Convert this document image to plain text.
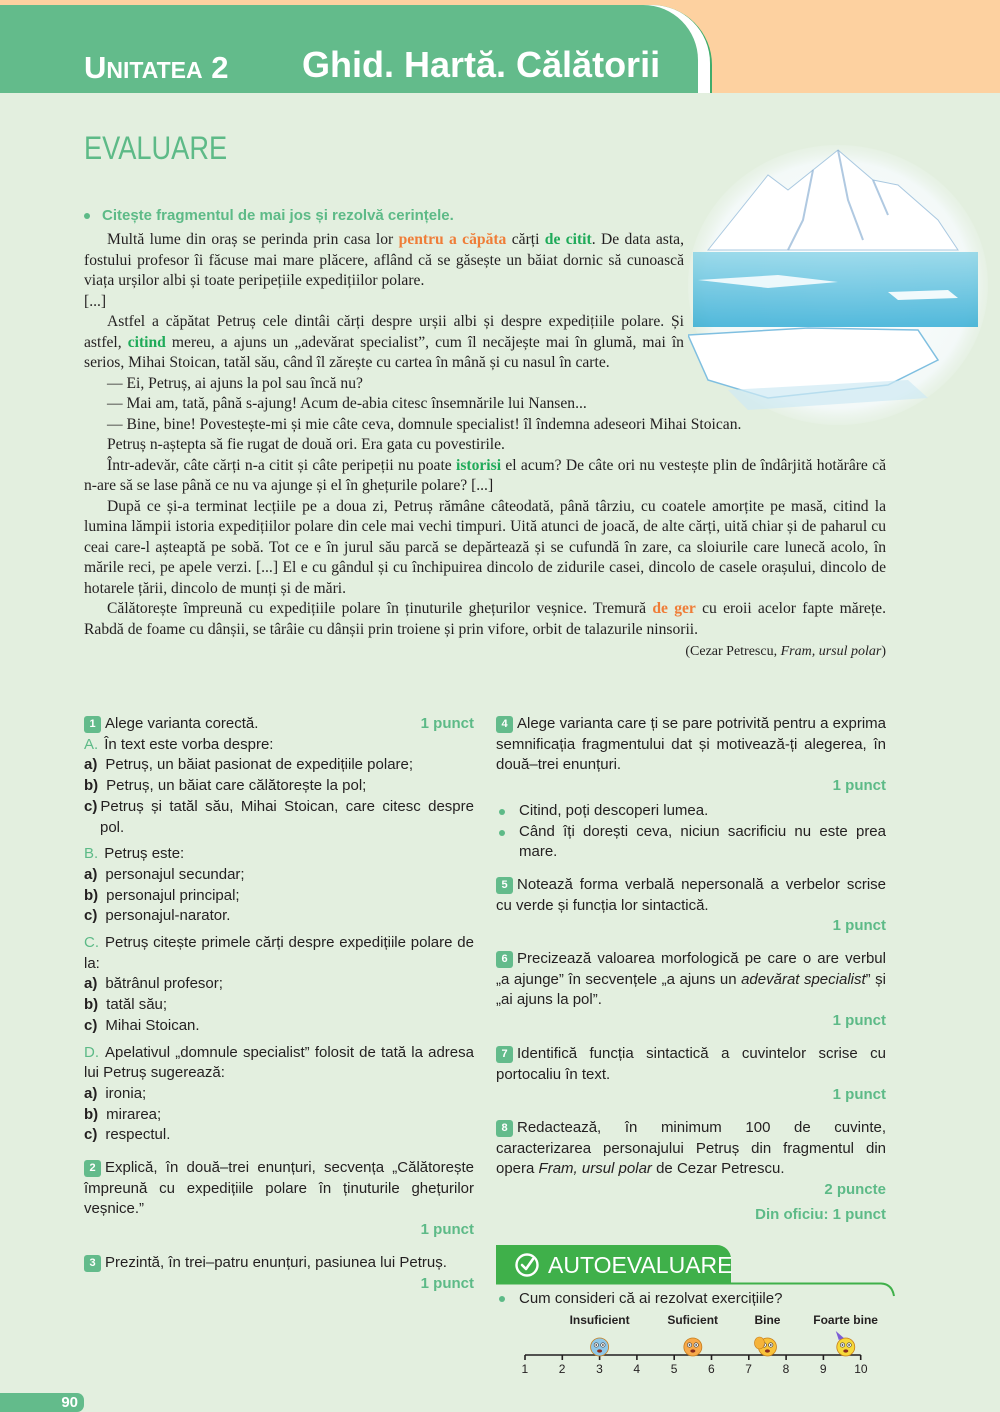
UNITATEA 2 Ghid. Hartă. Călătorii
EVALUARE
Citește fragmentul de mai jos și rezolvă cerințele.

Multă lume din oraș se perinda prin casa lor pentru a căpăta cărți de citit. De data asta, fostului profesor îi făcuse mai mare plăcere, aflând că se găsește un băiat dornic să cunoască viața urșilor albi și toate peripețiile expedițiilor polare.

[...]

Astfel a căpătat Petruș cele dintâi cărți despre urșii albi și despre expedițiile polare. Și astfel, citind mereu, a ajuns un „adevărat specialist”, cum îl necăjește mai în glumă, mai în serios, Mihai Stoican, tatăl său, când îl zărește cu cartea în mână și cu nasul în carte.

— Ei, Petruș, ai ajuns la pol sau încă nu?

— Mai am, tată, până s-ajung! Acum de-abia citesc însemnările lui Nansen...

— Bine, bine! Povestește-mi și mie câte ceva, domnule specialist! îl îndemna adeseori Mihai Stoican.

Petruș n-aștepta să fie rugat de două ori. Era gata cu povestirile.

Într-adevăr, câte cărți n-a citit și câte peripeții nu poate istorisi el acum? De câte ori nu vestește plin de îndârjită hotărâre că n-are să se lase până ce nu va ajunge și el în ghețurile polare? [...]

După ce și-a terminat lecțiile pe a doua zi, Petruș rămâne câteodată, până târziu, cu coatele amorțite pe masă, citind la lumina lămpii istoria expedițiilor polare din cele mai vechi timpuri. Uită atunci de joacă, de alte cărți, uită chiar și de paharul cu ceai care-l așteaptă pe sobă. Tot ce e în jurul său parcă se depărtează și se cufundă în zare, ca sloiurile care lunecă acolo, în mările reci, pe apele verzi. [...] El e cu gândul și cu închipuirea dincolo de zidurile casei, dincolo de casele orașului, dincolo de hotarele țării, dincolo de munți și de mări.

Călătorește împreună cu expedițiile polare în ținuturile ghețurilor veșnice. Tremură de ger cu eroii acelor fapte mărețe. Rabdă de foame cu dânșii, se târâie cu dânșii prin troiene și prin vifore, orbit de talazurile ninsorii.

(Cezar Petrescu, Fram, ursul polar)
1 Alege varianta corectă.	1 punct
A. În text este vorba despre:
a) Petruș, un băiat pasionat de expedițiile polare;
b) Petruș, un băiat care călătorește la pol;
c) Petruș și tatăl său, Mihai Stoican, care citesc despre pol.
B. Petruș este:
a) personajul secundar;
b) personajul principal;
c) personajul-narator.
C. Petruș citește primele cărți despre expedițiile polare de la:
a) bătrânul profesor;
b) tatăl său;
c) Mihai Stoican.
D. Apelativul „domnule specialist” folosit de tată la adresa lui Petruș sugerează:
a) ironia;
b) mirarea;
c) respectul.
2 Explică, în două–trei enunțuri, secvența „Călătorește împreună cu expedițiile polare în ținuturile ghețurilor veșnice.”
1 punct
3 Prezintă, în trei–patru enunțuri, pasiunea lui Petruș.
1 punct
4 Alege varianta care ți se pare potrivită pentru a exprima semnificația fragmentului dat și motivează-ți alegerea, în două–trei enunțuri.
1 punct
Citind, poți descoperi lumea.
Când îți dorești ceva, niciun sacrificiu nu este prea mare.
5 Notează forma verbală nepersonală a verbelor scrise cu verde și funcția lor sintactică.
1 punct
6 Precizează valoarea morfologică pe care o are verbul „a ajunge” în secvențele „a ajuns un adevărat specialist” și „ai ajuns la pol”.
1 punct
7 Identifică funcția sintactică a cuvintelor scrise cu portocaliu în text.
1 punct
8 Redactează, în minimum 100 de cuvinte, caracterizarea personajului Petruș din fragmentul din opera Fram, ursul polar de Cezar Petrescu.
2 puncte
Din oficiu: 1 punct
AUTOEVALUARE
Cum consideri că ai rezolvat exercițiile?
1	2	3	4	5	6	7	8	9 10
Insuficient	Suficient	Bine	Foarte bine
90
